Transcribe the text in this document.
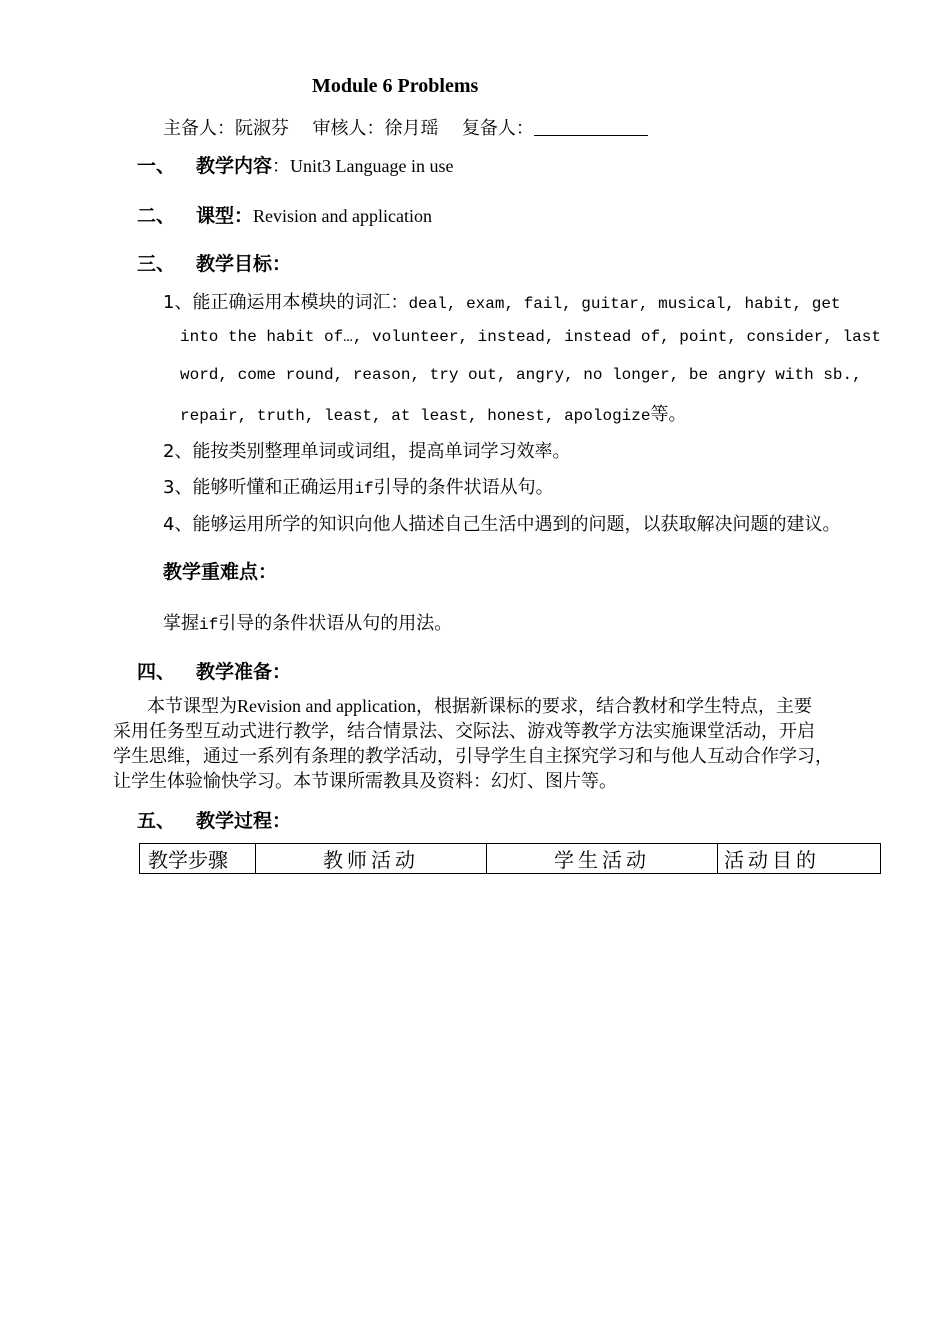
Module 6 Problems
主备人：阮淑芬 审核人：徐月瑶 复备人：
一、 教学内容：Unit3 Language in use
二、 课型：Revision and application
三、 教学目标：
1、能正确运用本模块的词汇：deal, exam, fail, guitar, musical, habit, get
into the habit of…, volunteer, instead, instead of, point, consider, last
word, come round, reason, try out, angry, no longer, be angry with sb.,
repair, truth, least, at least, honest, apologize等。
2、能按类别整理单词或词组，提高单词学习效率。
3、能够听懂和正确运用if引导的条件状语从句。
4、能够运用所学的知识向他人描述自己生活中遇到的问题，以获取解决问题的建议。
教学重难点：
掌握if引导的条件状语从句的用法。
四、 教学准备：
本节课型为Revision and application，根据新课标的要求，结合教材和学生特点，主要
采用任务型互动式进行教学，结合情景法、交际法、游戏等教学方法实施课堂活动，开启
学生思维，通过一系列有条理的教学活动，引导学生自主探究学习和与他人互动合作学习，
让学生体验愉快学习。本节课所需教具及资料：幻灯、图片等。
五、 教学过程：
教学步骤	教师活动	学生活动	活动目的
